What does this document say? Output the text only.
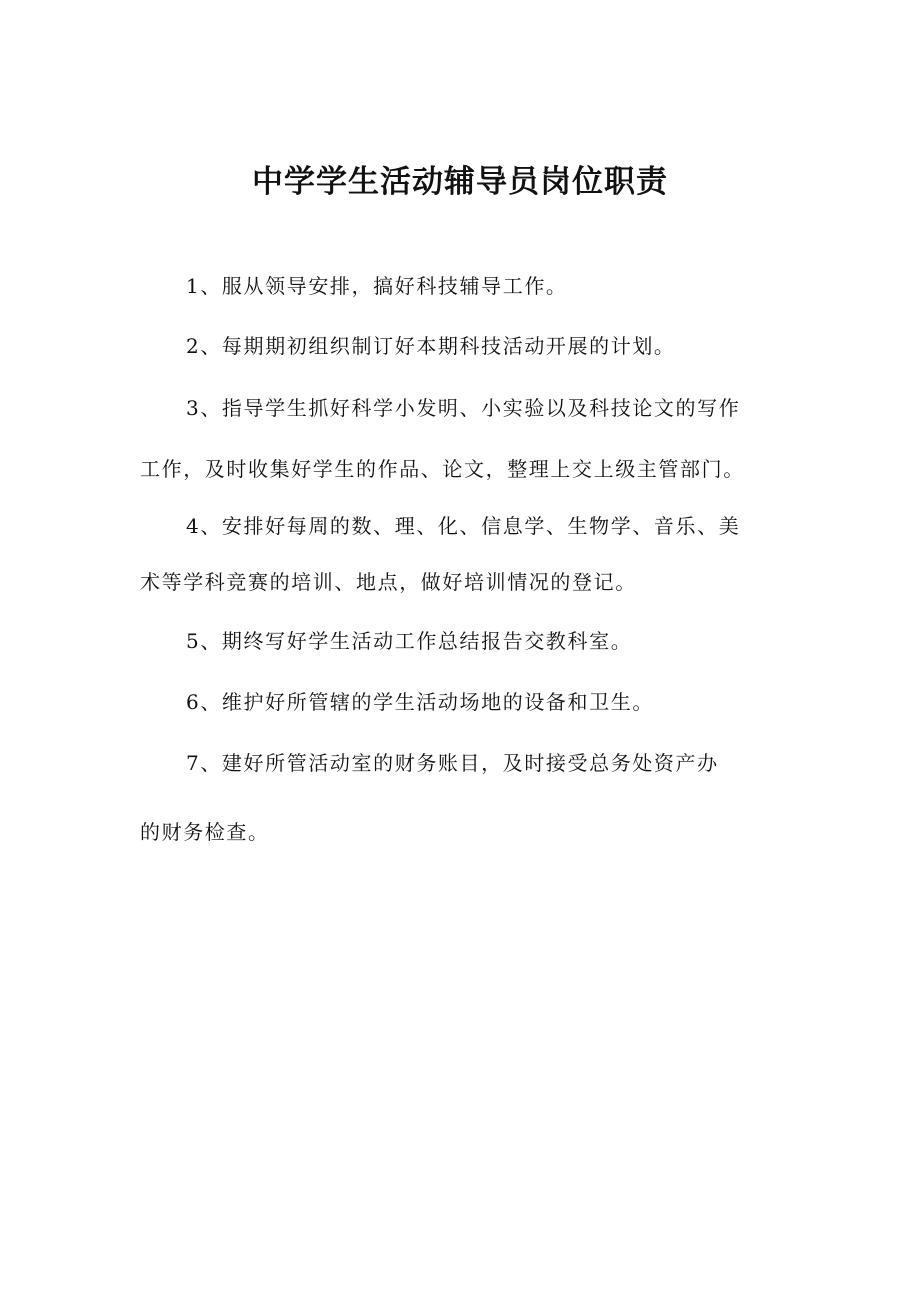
中学学生活动辅导员岗位职责
1、服从领导安排，搞好科技辅导工作。
2、每期期初组织制订好本期科技活动开展的计划。
3、指导学生抓好科学小发明、小实验以及科技论文的写作
工作，及时收集好学生的作品、论文，整理上交上级主管部门。
4、安排好每周的数、理、化、信息学、生物学、音乐、美
术等学科竞赛的培训、地点，做好培训情况的登记。
5、期终写好学生活动工作总结报告交教科室。
6、维护好所管辖的学生活动场地的设备和卫生。
7、建好所管活动室的财务账目，及时接受总务处资产办
的财务检查。
